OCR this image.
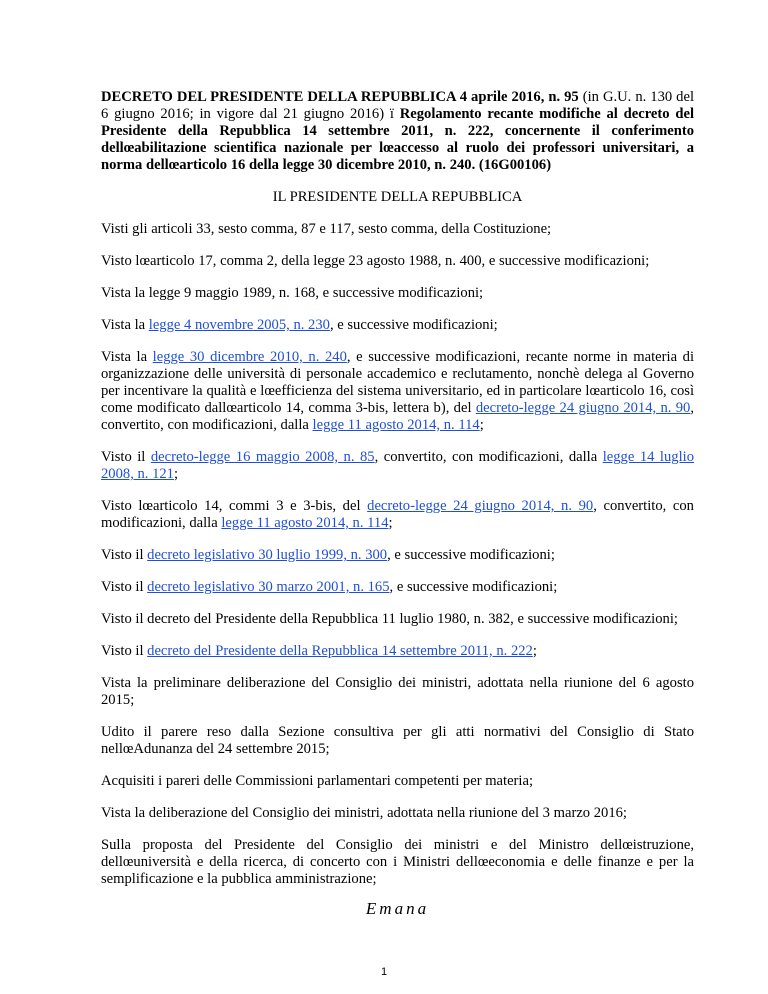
DECRETO DEL PRESIDENTE DELLA REPUBBLICA 4 aprile 2016, n. 95 (in G.U. n. 130 del 6 giugno 2016; in vigore dal 21 giugno 2016) ï Regolamento recante modifiche al decreto del Presidente della Repubblica 14 settembre 2011, n. 222, concernente il conferimento dellœabilitazione scientifica nazionale per lœaccesso al ruolo dei professori universitari, a norma dellœarticolo 16 della legge 30 dicembre 2010, n. 240. (16G00106)

IL PRESIDENTE DELLA REPUBBLICA

Visti gli articoli 33, sesto comma, 87 e 117, sesto comma, della Costituzione;

Visto lœarticolo 17, comma 2, della legge 23 agosto 1988, n. 400, e successive modificazioni;

Vista la legge 9 maggio 1989, n. 168, e successive modificazioni;

Vista la legge 4 novembre 2005, n. 230, e successive modificazioni;

Vista la legge 30 dicembre 2010, n. 240, e successive modificazioni, recante norme in materia di organizzazione delle università di personale accademico e reclutamento, nonchè delega al Governo per incentivare la qualità e lœefficienza del sistema universitario, ed in particolare lœarticolo 16, così come modificato dallœarticolo 14, comma 3-bis, lettera b), del decreto-legge 24 giugno 2014, n. 90, convertito, con modificazioni, dalla legge 11 agosto 2014, n. 114;

Visto il decreto-legge 16 maggio 2008, n. 85, convertito, con modificazioni, dalla legge 14 luglio 2008, n. 121;

Visto lœarticolo 14, commi 3 e 3-bis, del decreto-legge 24 giugno 2014, n. 90, convertito, con modificazioni, dalla legge 11 agosto 2014, n. 114;

Visto il decreto legislativo 30 luglio 1999, n. 300, e successive modificazioni;

Visto il decreto legislativo 30 marzo 2001, n. 165, e successive modificazioni;

Visto il decreto del Presidente della Repubblica 11 luglio 1980, n. 382, e successive modificazioni;

Visto il decreto del Presidente della Repubblica 14 settembre 2011, n. 222;

Vista la preliminare deliberazione del Consiglio dei ministri, adottata nella riunione del 6 agosto 2015;

Udito il parere reso dalla Sezione consultiva per gli atti normativi del Consiglio di Stato nellœAdunanza del 24 settembre 2015;

Acquisiti i pareri delle Commissioni parlamentari competenti per materia;

Vista la deliberazione del Consiglio dei ministri, adottata nella riunione del 3 marzo 2016;

Sulla proposta del Presidente del Consiglio dei ministri e del Ministro dellœistruzione, dellœuniversità e della ricerca, di concerto con i Ministri dellœeconomia e delle finanze e per la semplificazione e la pubblica amministrazione;

Emana
1
